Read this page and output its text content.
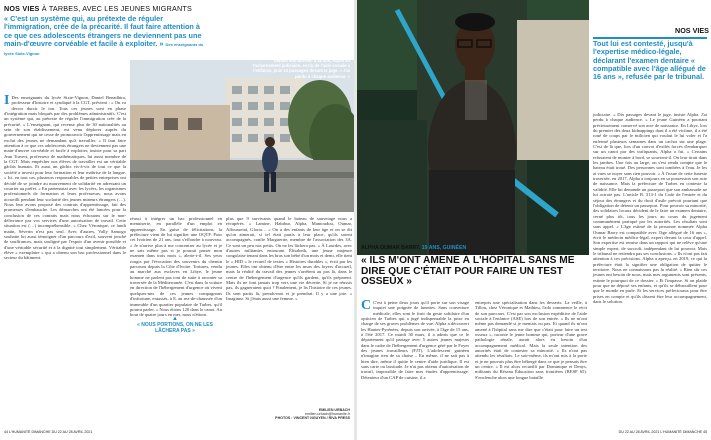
NOS VIES À TARBES, AVEC LES JEUNES MIGRANTS
« C'est un système qui, au prétexte de réguler l'immigration, crée de la précarité. Il faut faire attention à ce que ces adolescents étrangers ne deviennent pas une main-d'œuvre corvéable et facile à exploiter. » Des enseignants du lycée Sixte-Vignon
Depuis son arrivée, à 15 ans, Alpha vit l'acharnement judiciaire, exclu de l'aide sociale à l'enfance, puis 10 passages devant le juge. « J'ai perdu à chaque audience. »
I Des enseignants du lycée Sixte-Vignon, Daniel Benadhira, professeur d'histoire et syndiqué à la CGT, prévient : « On va devoir durcir le ton. Tous ces jeunes sont en phase d'intégration mais bloqués par des problèmes administratifs. C'est un système qui, au prétexte de réguler l'immigration crée de la précarité. » L'enseignant, qui recense plus de 30 nationalités au sein de son établissement, est venu déplorer auprès du gouvernement qui ne cesse de promouvoir l'apprentissage mais en exclut des jeunes ne demandant qu'à travailler. « Il faut faire attention à ce que ces adolescents étrangers ne deviennent pas une main-d'œuvre corvéable et facile à exploiter, insiste pour sa part Jean Travert, professeur de mathématiques, lui aussi membre de la CGT. Mais empêcher nos élèves de travailler est un véritable gâchis humain. Et aussi un gâchis vis-à-vis de tout ce que la société a investi pour leur formation et leur maîtrise de la langue. » Ici, en tout cas, plusieurs responsables de petites entreprises ont décidé de se joindre au mouvement de solidarité en adressant un courrier au préfet. « En partenariat avec les lycées, les organismes professionnels de formation et leurs professeurs, nous avons accueilli pendant leur scolarité des jeunes mineurs étrangers (…). Nous leur avons proposé des contrats d'apprentissage, fait des promesses d'embauche. Les démarches ont été lancées pour la conclusion de ces contrats mais nous échouons sur le non-délivrance par vos services d'une autorisation de travail. Cette situation est (…) incompréhensible. » Chez Véronique, ce lundi matin, Séverin n'est pas seul. Avec d'autres, Vally Samogo souhaite lui aussi témoigner d'un parcours d'exil, souvent jonché de souffrances, mais souligné par l'espoir d'un avenir possible et d'une véritable sécurité et à la dignité tout simplement. Véritable élève « exemplaire » qui a obtenu son bac professionnel dans le secteur du bâtiment.
réussi à intégrer un bac professionnel en menuiserie, en parallèle d'un emploi en apprentissage. En guise de félicitations, la préfecture vient de lui signifier une OQTF. Pour cet Ivoirien de 21 ans, tout s'effondre à nouveau. « Je n'arrive plus à me concentrer au lycée et je ne sais même pas si je pourrai passer mon examen dans trois mois », alerte-t-il. Ses yeux rougis par l'évocation des souvenirs du chemin parcouru depuis la Côte d'Ivoire. Tortures, vendu au marché aux esclaves en Libye, le jeune homme ne parlent pas tout de suite à raconter sa traversée de la Méditerranée. C'est dans la voiture en direction de l'hébergement d'urgence où vivent quelques-uns de ces jeunes compagnons d'infortune, entassés, à 8, au rez-de-chaussée d'un immeuble d'un quartier populaire de Tarbes, qu'il pourra parler. « Nous étions 120 dans le canot. Au bout de quatre jours en mer, nous n'étions
▲
« NOUS PORTIONS, ON NE LES LÂCHERA PAS »
plus que 9 survivants quand le bateau de sauvetage nous a récupérés. » Lamine, Habibur, Alpha, Mamoudou, Oumar, Alfousseini, Gloria… « On a des enfants de leur âge et on se dit qu'on aimerait, si tel était partis à leur place, qu'ils soient accompagnés, confie Marguerite, membre de l'association des 3A. Ce sont un peu nos petits. On ne les lâchera pas. » À Lourdes, avec d'autres militantes entourant Élisabeth, une jeune majeure congolaise tenant dans les bras son bébé d'un mois et demi, elle tient le « HID » le recueil de textes « Histoires durables », écrit par les jeunes. Elles ont obtenu d'être entre les murs des foyers d'accueil, mais la réalité du travail des jeunes s'arrêtent au pas là, dans le centre de l'hébergement d'urgence qu'ils gardent, qu'ils préparent. Mais ils ne font jamais trop vers une vie décente. Si je ne réussis pas, ils gagneraient quoi ? Finalement, je lis l'histoire de ces jeunes. Ils sont partis là, prends-moi et je prendrai. Il y a une joie. « Imaginez. Si j'étais aussi une femme. »
EMILIEN URBACH
emilien.urbach@humanite.fr
PHOTOS : VINCENT NGUYEN / RIVA PRESS
44 L'HUMANITÉ DIMANCHE DU 22 AU 28 AVRIL 2021
NOS VIES
Tout lui est contesté, jusqu'à l'expertise médico-légale, déclarant l'examen dentaire « compatible avec l'âge allégué de 16 ans », refusée par le tribunal.
ALPHA OUMAR BARRY, 19 ANS, GUINÉEN
« ILS M'ONT AMENÉ À L'HÔPITAL SANS ME DIRE QUE C'ÉTAIT POUR FAIRE UN TEST OSSEUX »
C C'est à peine deux jours qu'il porte sur son visage inquiet une poignée de lunettes. Sans couverture médicale, elles sont le fruit du geste solidaire d'un opticien de Tarbes qui a jugé indispensable la prise en charge de ses graves problèmes de vue. Alpha a découvert les Hautes-Pyrénées, depuis son arrivée, à l'âge de 15 ans, à l'été 2017. Ce mardi 30 mars, il a admis que ce le département qu'il partage avec 5 autres jeunes majeurs dans le cadre de l'hébergement d'urgence géré par le Foyer des jeunes travailleurs (FJT). L'adolescent guinéen n'imagine rien de sa chaise – En même, il ne sait pas à bien dire, même il quitte le centre d'aide juridique. Il est sans carte ou lassitude. Je n'ai pas obtenu d'autorisation de travail, impossible de faire mes études d'apprentissage. Détenteur d'un CAP de cuisine, il a
entrepris une spécialisation dans les desserts. La veille, à Tillou, chez Véronique et Mathieu, l'ado commence le récit de son parcours. C'est par son exclusion expéditive de l'aide sociale à l'enfance (ASE) lors de son entrée. « Ils ne m'ont même pas demandé si je mentais ou pas. Et quand ils m'ont amené à l'hôpital sans me dire que c'était pour faire un test osseux », raconte le jeune homme qui, porteur d'une grave pathologie rénale, aurait alors eu besoin d'un accompagnement médical. Mais la seule intention des autorités était de contester sa minorité. « Ils n'ont pas attendu les résultats. Le soir-même, ils m'ont mis à la porte et je ne pouvais plus être hébergé dans ce que je pensais être un centre. » Il est alors recueilli par Dominique et Denys, militants du Réseau Éducation sans frontières (RESF 65). S'enclenche alors une longue bataille
judiciaire. « Dix passages devant le juge, insiste Alpha. J'ai perdu à chaque audience. » Le jeune Guinéen a pourtant précieusement conservé son acte de naissance. En Libye, lors du premier des deux kidnappings dont il a été victime, il a été roué de coups par le milicien qui voulait le lui voler et l'a enfermé plusieurs semaines dans un cachot sur une plage. C'est de là que, lors d'un convoi d'exilés forcés d'embarquer sur un canot par des trafiquants, Alpha a fui. « Certains refusaient de monter à bord, se souvient-il. On leur tirait dans les jambes. Une fois au large, on s'est rendu compte que le bateau était troué. Des personnes sont tombées à l'eau. Je les ai vues se noyer sans rien pouvoir. » À l'issue de cette funeste traversée, en 2017, Alpha a toujours en sa possession son acte de naissance. Mais la préfecture de Tarbes en conteste la validité. Elle lui demande un passeport que son ambassade ne lui octroie pas. L'article R. 313-1 du Code de l'entrée et du séjour des étrangers et du droit d'asile prévoit pourtant que l'obligation de détenir un passeport. Pour pouvoir sa minorité, des solidaires locaux décident de le faire un examen dentaire, cerné plus tôt, tous les jours au cours du jugement communément pratiqué par les autorités. Les résultats sont sans appel. « L'âge estimé de la personne nommée Alpha Oumar Barry est compatible avec l'âge allégué de 16 ans », écrit le médecin médico-légal, expert devant la cour d'appel. Son expertise est remise dans un rapport qui ne relève qu'une simple expert, de surcroît, indépendant de lui pouvoir. Mais le tribunal ne retiendra pas ses conclusions. « Ils n'ont pas fait attention à ces précisions. Alpha a aperçu, en 2019, ce qui la préfecture était la signifier une obligation de quitter le territoire. Nous ne connaissons pas la réalité. « Bien sûr ces jeunes ont besoin de nous, mais mes arguments sont présents, estime le pourquoi de ce dossier. » Et l'impasse. Si on plaide pour que ne déposé ses enfants, et qu'ils se débrouillent pour que le monde en parle. Et les services préfectoraux pour être prises en compte et qu'ils dissent être leur accompagnement, dans le solution.
DU 22 AU 28 AVRIL 2021 L'HUMANITÉ DIMANCHE 45
